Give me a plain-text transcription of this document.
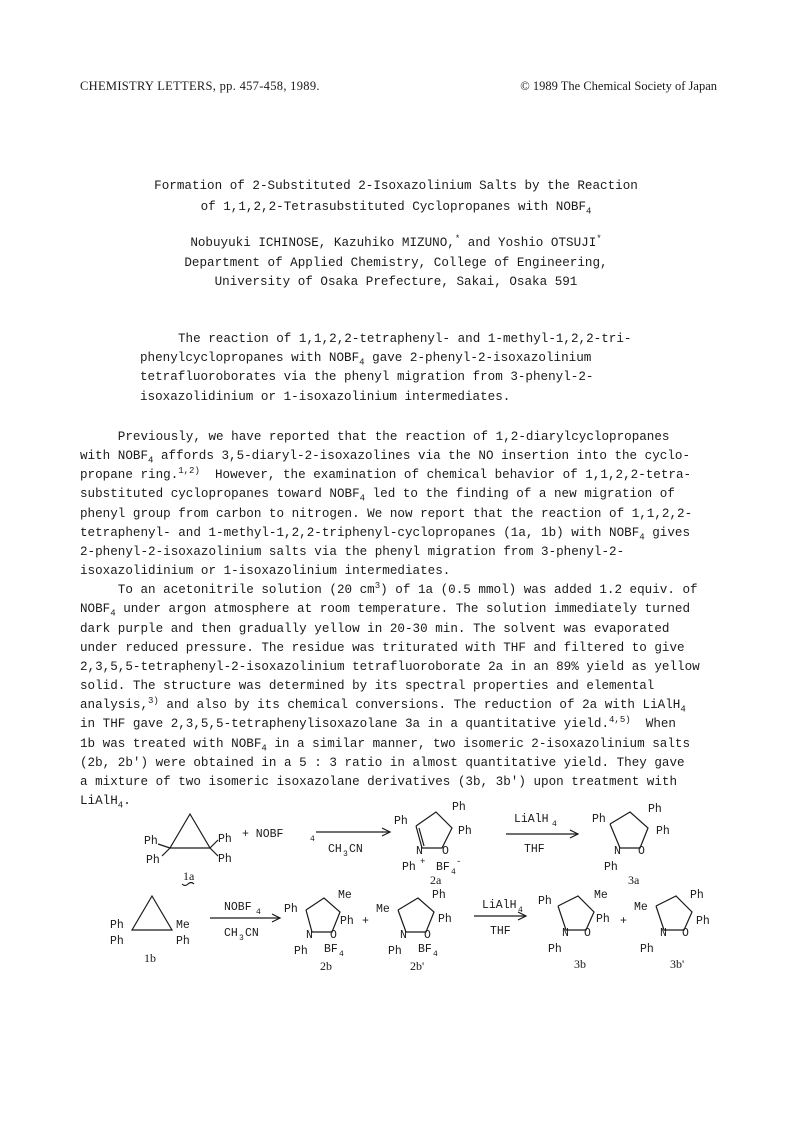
CHEMISTRY LETTERS, pp. 457-458, 1989.	© 1989 The Chemical Society of Japan
Formation of 2-Substituted 2-Isoxazolinium Salts by the Reaction
of 1,1,2,2-Tetrasubstituted Cyclopropanes with $NOBF_4$
Nobuyuki ICHINOSE, Kazuhiko MIZUNO,* and Yoshio OTSUJI*
Department of Applied Chemistry, College of Engineering,
University of Osaka Prefecture, Sakai, Osaka 591
The reaction of 1,1,2,2-tetraphenyl- and 1-methyl-1,2,2-tri-
phenylcyclopropanes with $NOBF_4$ gave 2-phenyl-2-isoxazolinium
tetrafluoroborates via the phenyl migration from 3-phenyl-2-
isoxazolidinium or 1-isoxazolinium intermediates.
Previously, we have reported that the reaction of 1,2-diarylcyclopropanes
with $NOBF_4$ affords 3,5-diaryl-2-isoxazolines via the NO insertion into the cyclo-
propane ring.$^{1,2)}$  However, the examination of chemical behavior of 1,1,2,2-tetra-
substituted cyclopropanes toward $NOBF_4$ led to the finding of a new migration of
phenyl group from carbon to nitrogen. We now report that the reaction of 1,1,2,2-
tetraphenyl- and 1-methyl-1,2,2-triphenyl-cyclopropanes (1a, 1b) with $NOBF_4$ gives
2-phenyl-2-isoxazolinium salts via the phenyl migration from 3-phenyl-2-
isoxazolidinium or 1-isoxazolinium intermediates.
To an acetonitrile solution (20 $cm^3$) of 1a (0.5 mmol) was added 1.2 equiv. of
$NOBF_4$ under argon atmosphere at room temperature. The solution immediately turned
dark purple and then gradually yellow in 20-30 min. The solvent was evaporated
under reduced pressure. The residue was triturated with THF and filtered to give
2,3,5,5-tetraphenyl-2-isoxazolinium tetrafluoroborate 2a in an 89% yield as yellow
solid. The structure was determined by its spectral properties and elemental
analysis,$^{3)}$ and also by its chemical conversions. The reduction of 2a with LiAlH$_4$
in THF gave 2,3,5,5-tetraphenylisoxazolane 3a in a quantitative yield.$^{4,5)}$  When
1b was treated with $NOBF_4$ in a similar manner, two isomeric 2-isoxazolinium salts
(2b, 2b') were obtained in a 5 : 3 ratio in almost quantitative yield. They gave
a mixture of two isomeric isoxazolane derivatives (3b, 3b') upon treatment with
LiAlH$_4$.
Ph
Ph
Ph
Ph
1a
+ NOBF	4
CH 3 CN
Ph
Ph
Ph
N O
Ph + BF 4
-
2a
LiAlH 4
THF
Ph
Ph
Ph
N O
Ph
3a
Ph
Ph
Me
Ph
1b
NOBF 4
CH 3 CN
Ph
Me
Ph
N O
Ph BF 4
2b
+
Me
Ph
Ph
N O
Ph BF 4
2b'
LiAlH 4
THF
Ph	Me
Ph
N O
Ph
3b
+
Me
Ph
Ph
N O
Ph
3b'
